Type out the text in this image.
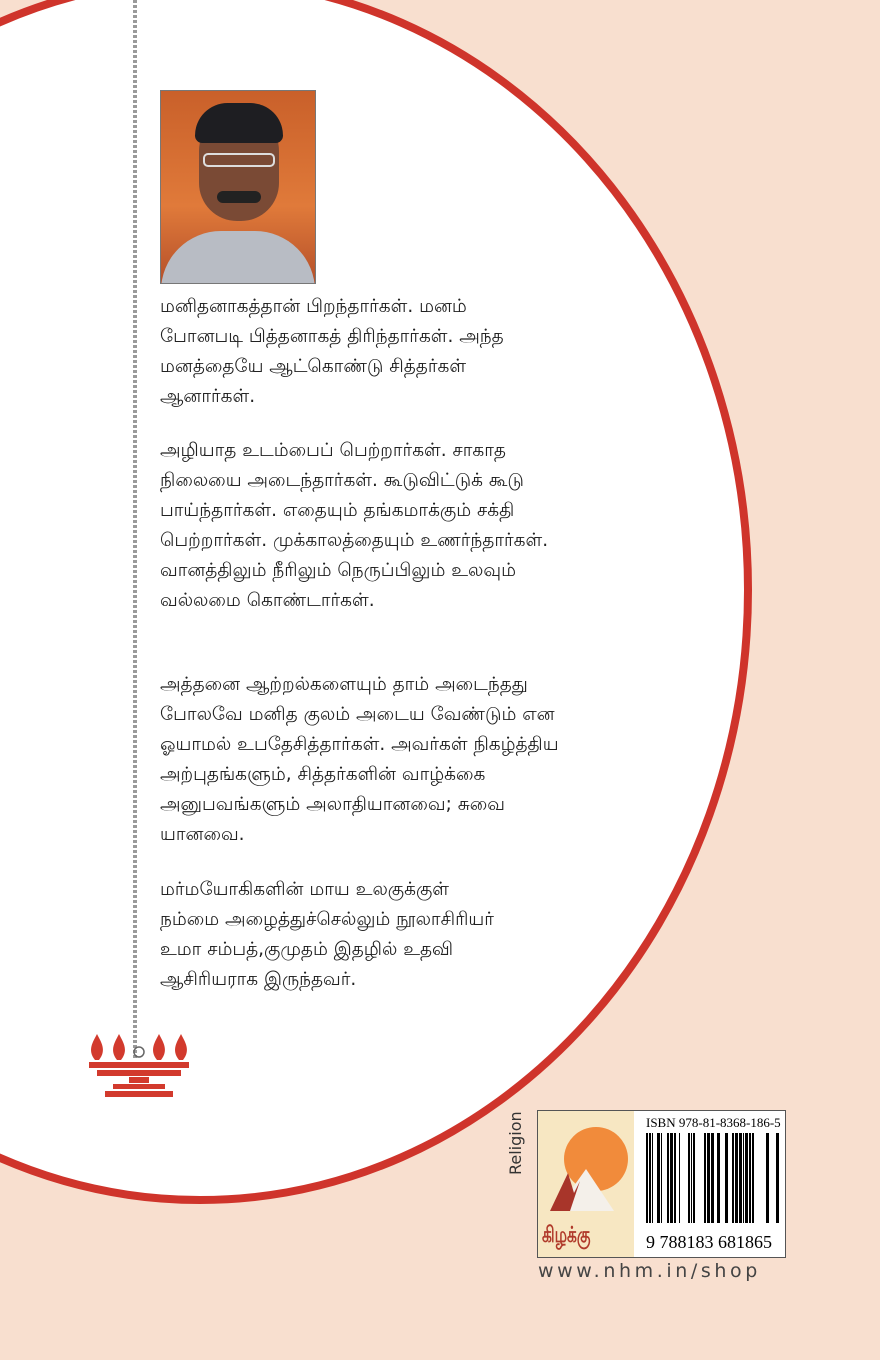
மனிதனாகத்தான் பிறந்தார்கள். மனம்
போனபடி பித்தனாகத் திரிந்தார்கள். அந்த
மனத்தையே ஆட்கொண்டு சித்தர்கள்
ஆனார்கள்.
அழியாத உடம்பைப் பெற்றார்கள். சாகாத
நிலையை அடைந்தார்கள். கூடுவிட்டுக் கூடு
பாய்ந்தார்கள். எதையும் தங்கமாக்கும் சக்தி
பெற்றார்கள். முக்காலத்தையும் உணர்ந்தார்கள்.
வானத்திலும் நீரிலும் நெருப்பிலும் உலவும்
வல்லமை கொண்டார்கள்.
அத்தனை ஆற்றல்களையும் தாம் அடைந்தது
போலவே மனித குலம் அடைய வேண்டும் என
ஓயாமல் உபதேசித்தார்கள். அவர்கள் நிகழ்த்திய
அற்புதங்களும், சித்தர்களின் வாழ்க்கை
அனுபவங்களும் அலாதியானவை; சுவை
யானவை.
மர்மயோகிகளின் மாய உலகுக்குள்
நம்மை அழைத்துச்செல்லும் நூலாசிரியர்
உமா சம்பத்,குமுதம் இதழில் உதவி
ஆசிரியராக இருந்தவர்.
Religion
கிழக்கு
ISBN 978-81-8368-186-5
9 788183 681865
www.nhm.in/shop
